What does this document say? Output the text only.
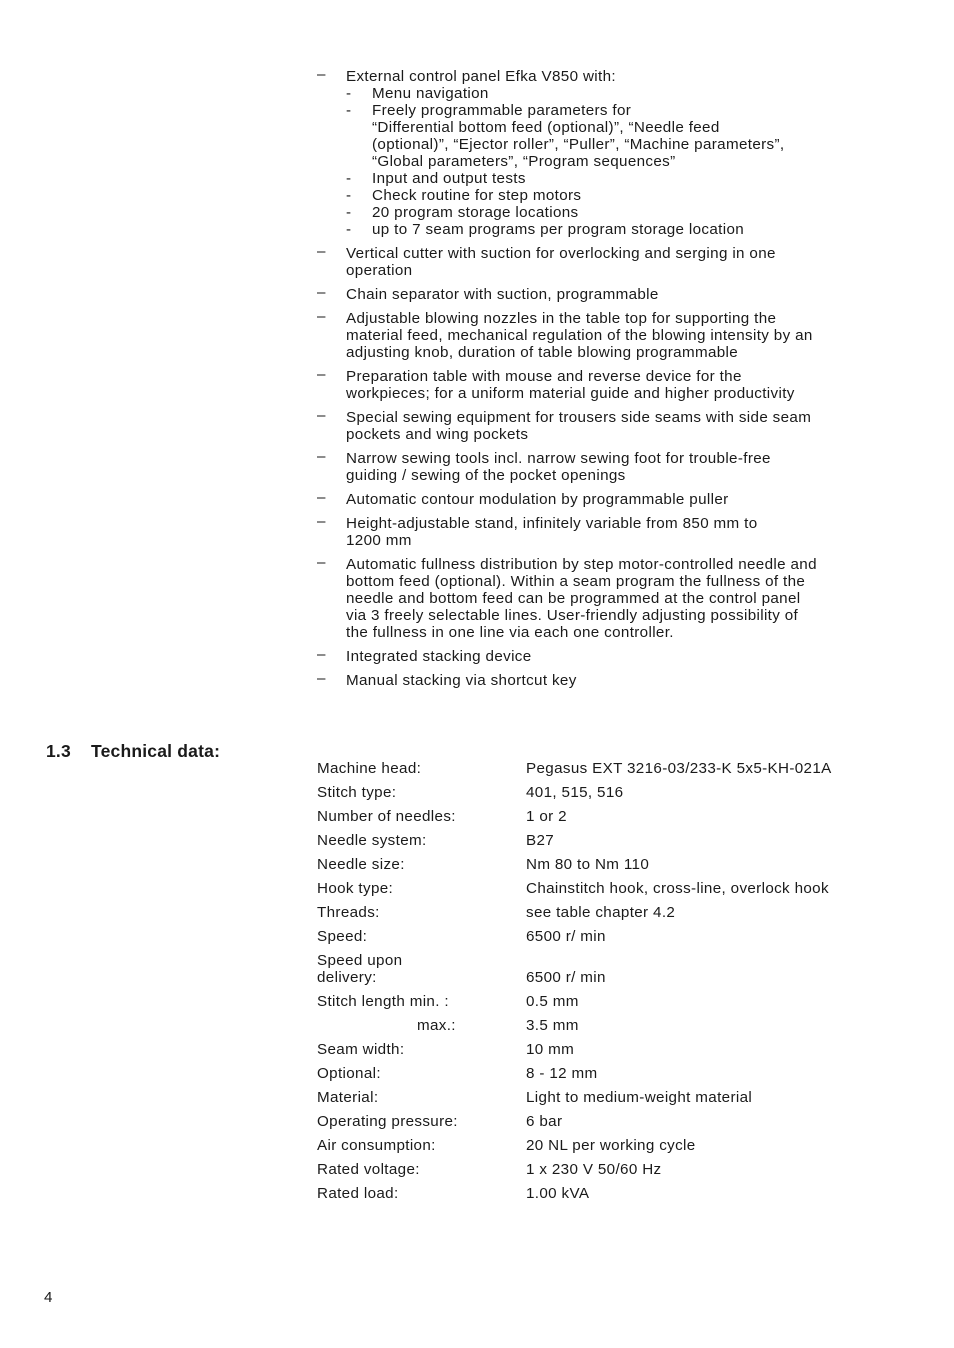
– External control panel Efka V850 with:
- Menu navigation
- Freely programmable parameters for
“Differential bottom feed (optional)”, “Needle feed
(optional)”, “Ejector roller”, “Puller”, “Machine parameters”,
“Global parameters”, “Program sequences”
- Input and output tests
- Check routine for step motors
- 20 program storage locations
- up to 7 seam programs per program storage location
– Vertical cutter with suction for overlocking and serging in one
operation
– Chain separator with suction, programmable
– Adjustable blowing nozzles in the table top for supporting the
material feed, mechanical regulation of the blowing intensity by an
adjusting knob, duration of table blowing programmable
– Preparation table with mouse and reverse device for the
workpieces; for a uniform material guide and higher productivity
– Special sewing equipment for trousers side seams with side seam
pockets and wing pockets
– Narrow sewing tools incl. narrow sewing foot for trouble-free
guiding / sewing of the pocket openings
– Automatic contour modulation by programmable puller
– Height-adjustable stand, infinitely variable from 850 mm to
1200 mm
– Automatic fullness distribution by step motor-controlled needle and
bottom feed (optional). Within a seam program the fullness of the
needle and bottom feed can be programmed at the control panel
via 3 freely selectable lines. User-friendly adjusting possibility of
the fullness in one line via each one controller.
– Integrated stacking device
– Manual stacking via shortcut key
1.3 Technical data:
Machine head:	Pegasus EXT 3216-03/233-K 5x5-KH-021A
Stitch type:	401, 515, 516
Number of needles:	1 or 2
Needle system:	B27
Needle size:	Nm 80 to Nm 110
Hook type:	Chainstitch hook, cross-line, overlock hook
Threads:	see table chapter 4.2
Speed:	6500 r/ min
Speed upon
delivery:	6500 r/ min
Stitch length min. :	0.5 mm
max.:	3.5 mm
Seam width:	10 mm
Optional:	8 - 12 mm
Material:	Light to medium-weight material
Operating pressure:	6 bar
Air consumption:	20 NL per working cycle
Rated voltage:	1 x 230 V 50/60 Hz
Rated load:	1.00 kVA
4
